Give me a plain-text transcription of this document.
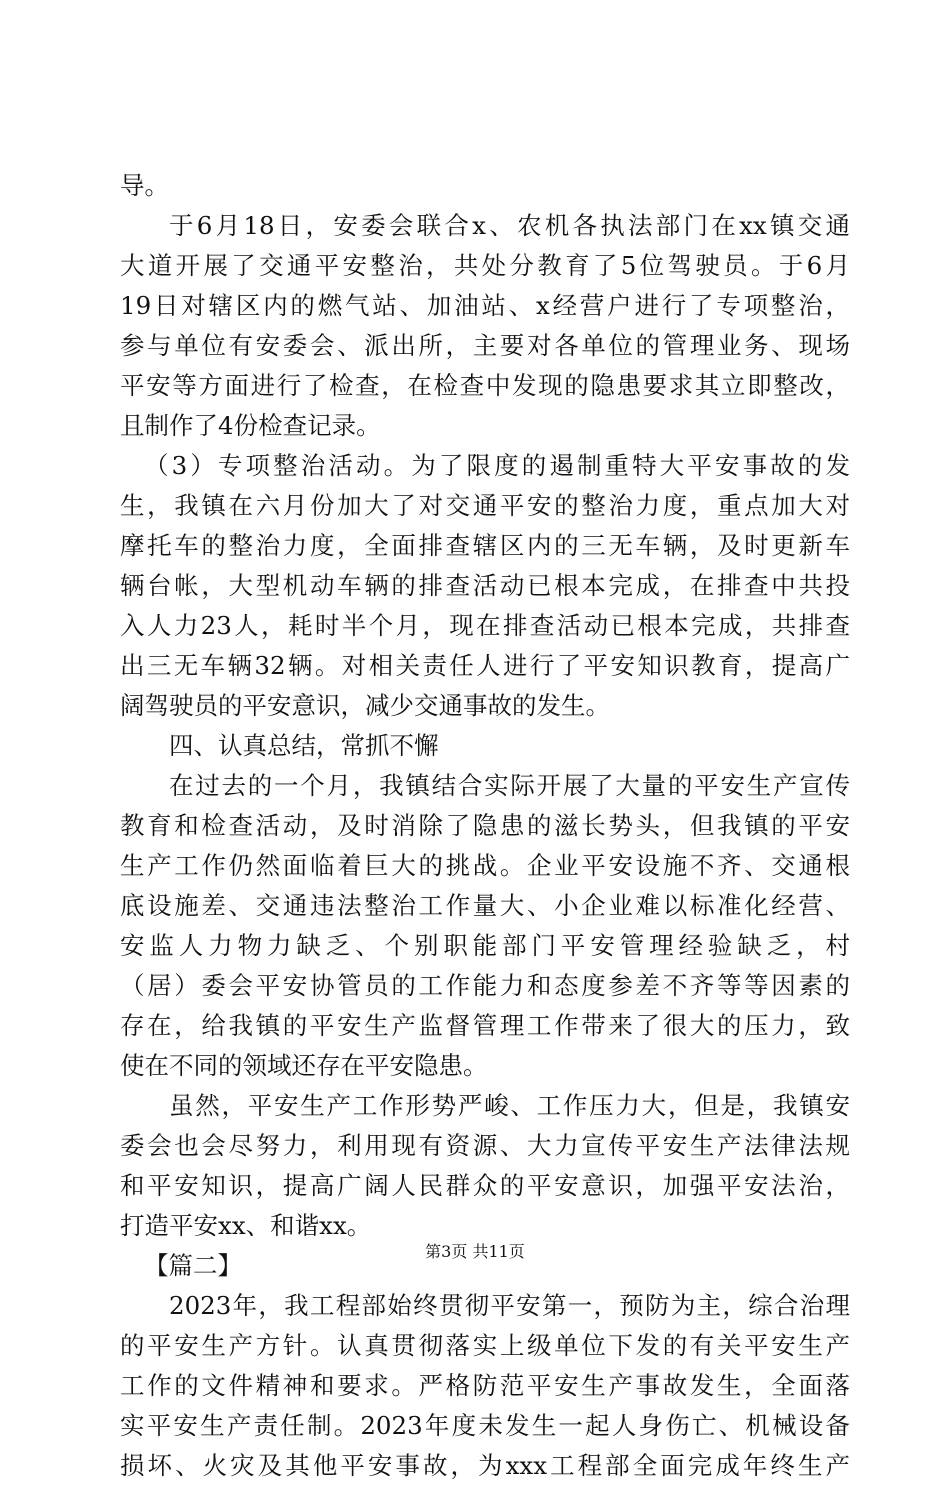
导。
于6月18日，安委会联合x、农机各执法部门在xx镇交通
大道开展了交通平安整治，共处分教育了5位驾驶员。于6月
19日对辖区内的燃气站、加油站、x经营户进行了专项整治，
参与单位有安委会、派出所，主要对各单位的管理业务、现场
平安等方面进行了检查，在检查中发现的隐患要求其立即整改，
且制作了4份检查记录。
（3）专项整治活动。为了限度的遏制重特大平安事故的发
生，我镇在六月份加大了对交通平安的整治力度，重点加大对
摩托车的整治力度，全面排查辖区内的三无车辆，及时更新车
辆台帐，大型机动车辆的排查活动已根本完成，在排查中共投
入人力23人，耗时半个月，现在排查活动已根本完成，共排查
出三无车辆32辆。对相关责任人进行了平安知识教育，提高广
阔驾驶员的平安意识，减少交通事故的发生。
四、认真总结，常抓不懈
在过去的一个月，我镇结合实际开展了大量的平安生产宣传
教育和检查活动，及时消除了隐患的滋长势头，但我镇的平安
生产工作仍然面临着巨大的挑战。企业平安设施不齐、交通根
底设施差、交通违法整治工作量大、小企业难以标准化经营、
安监人力物力缺乏、个别职能部门平安管理经验缺乏，村
（居）委会平安协管员的工作能力和态度参差不齐等等因素的
存在，给我镇的平安生产监督管理工作带来了很大的压力，致
使在不同的领域还存在平安隐患。
虽然，平安生产工作形势严峻、工作压力大，但是，我镇安
委会也会尽努力，利用现有资源、大力宣传平安生产法律法规
和平安知识，提高广阔人民群众的平安意识，加强平安法治，
打造平安xx、和谐xx。
【篇二】
2023年，我工程部始终贯彻平安第一，预防为主，综合治理
的平安生产方针。认真贯彻落实上级单位下发的有关平安生产
工作的文件精神和要求。严格防范平安生产事故发生，全面落
实平安生产责任制。2023年度未发生一起人身伤亡、机械设备
损坏、火灾及其他平安事故，为xxx工程部全面完成年终生产
第3页 共11页
